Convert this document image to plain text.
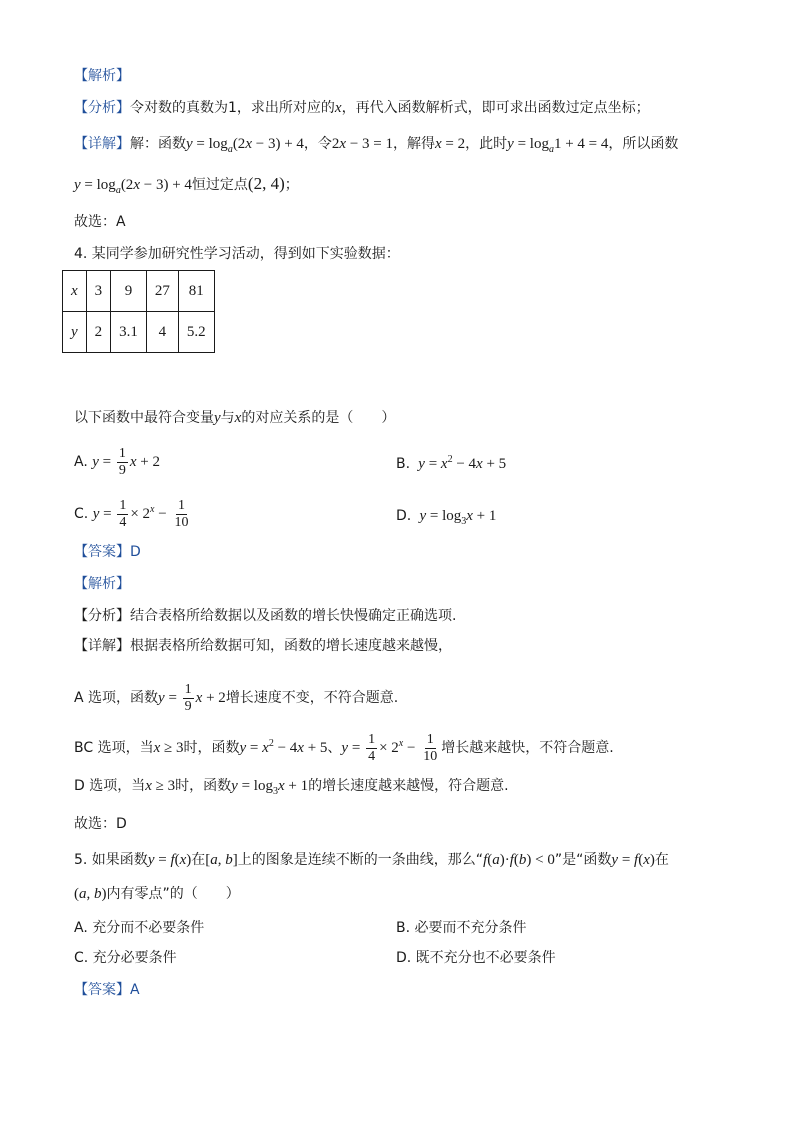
【解析】
【分析】令对数的真数为1，求出所对应的x，再代入函数解析式，即可求出函数过定点坐标；
【详解】解：函数$y = \log_a(2x - 3) + 4$，令2x − 3 = 1，解得x = 2，此时$y = \log_a1 + 4 = 4$，所以函数
$y = \log_a(2x - 3) + 4$恒过定点(2, 4)；
故选：A
4. 某同学参加研究性学习活动，得到如下实验数据：
x	3	9	27	81
y	2	3.1	4	5.2
以下函数中最符合变量y与x的对应关系的是（　　）
A. $y = \frac{1}{9}$ x + 2	B. $y = x^2 - 4x + 5$
C. $y = \frac{1}{4} \times 2^x - \frac{1}{10}$	D. $y = \log_3x + 1$
【答案】D
【解析】
【分析】结合表格所给数据以及函数的增长快慢确定正确选项.
【详解】根据表格所给数据可知，函数的增长速度越来越慢，
A 选项，函数$y = \frac{1}{9}$ x + 2增长速度不变，不符合题意.
BC 选项，当x ≥ 3时，函数$y = x^2 - 4x + 5$、$y = \frac{1}{4} \times 2^x - \frac{1}{10}$ 增长越来越快，不符合题意.
D 选项，当x ≥ 3时，函数$y = \log_3x + 1$的增长速度越来越慢，符合题意.
故选：D
5. 如果函数y = f(x)在[a, b]上的图象是连续不断的一条曲线，那么“f(a)·f(b) < 0”是“函数y = f(x)在
(a, b)内有零点”的（　　）
A. 充分而不必要条件	B. 必要而不充分条件
C. 充分必要条件	D. 既不充分也不必要条件
【答案】A
